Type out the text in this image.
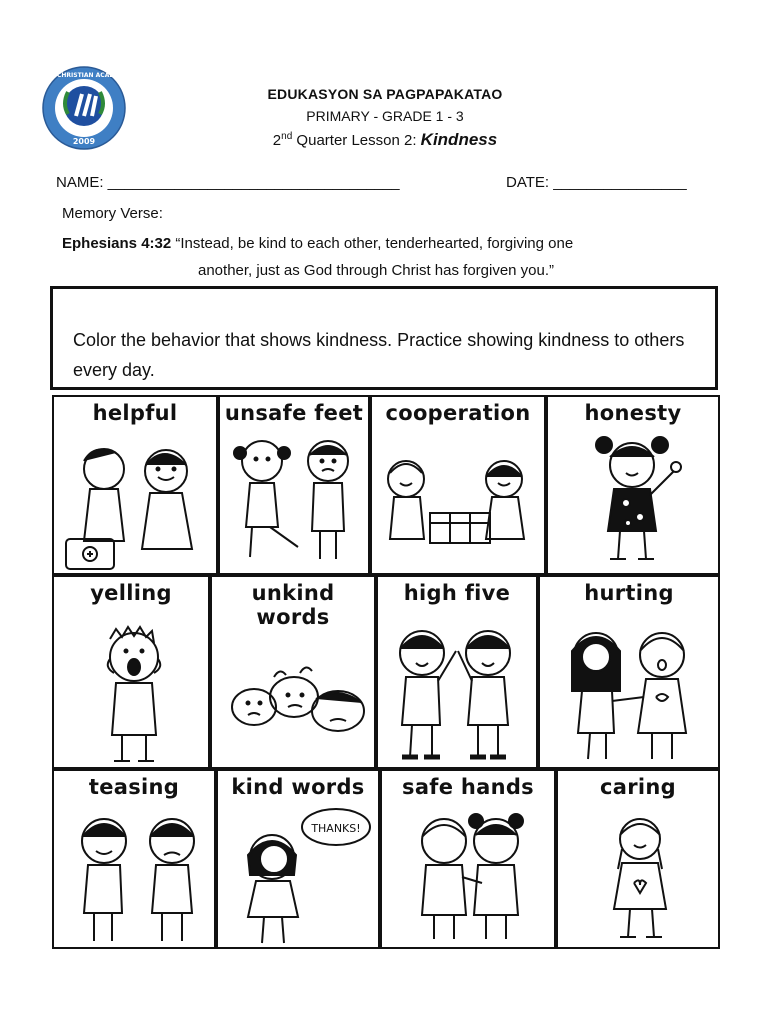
2009
ICBC CHRISTIAN ACADEMY
EDUKASYON SA PAGPAPAKATAO
PRIMARY - GRADE 1 - 3
2nd Quarter Lesson 2: Kindness
NAME: ___________________________________	DATE: ________________
Memory Verse:
Ephesians 4:32 “Instead, be kind to each other, tenderhearted, forgiving one
another, just as God through Christ has forgiven you.”

Color the behavior that shows kindness. Practice showing kindness to others every day.

helpful	unsafe feet	cooperation	honesty
yelling	unkind words
high five	hurting
teasing	kind words
THANKS!
safe hands	caring
